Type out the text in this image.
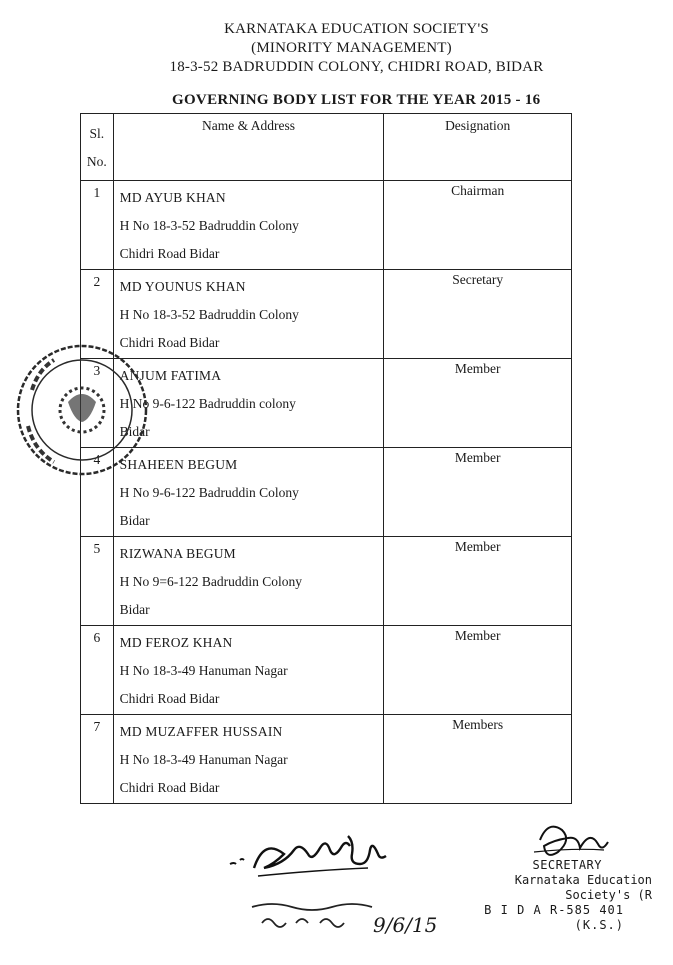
KARNATAKA EDUCATION SOCIETY'S
(MINORITY MANAGEMENT)
18-3-52 BADRUDDIN COLONY, CHIDRI ROAD, BIDAR
GOVERNING BODY LIST FOR THE YEAR 2015 - 16
Sl.
No.	Name & Address	Designation
1	MD AYUB KHAN
H No 18-3-52 Badruddin Colony
Chidri Road Bidar	Chairman
2	MD YOUNUS KHAN
H No 18-3-52 Badruddin Colony
Chidri Road Bidar	Secretary
3	ANJUM FATIMA
H No 9-6-122 Badruddin colony
Bidar	Member
4	SHAHEEN BEGUM
H No 9-6-122 Badruddin Colony
Bidar	Member
5	RIZWANA BEGUM
H No 9=6-122 Badruddin Colony
Bidar	Member
6	MD FEROZ KHAN
H No 18-3-49 Hanuman Nagar
Chidri Road Bidar	Member
7	MD MUZAFFER HUSSAIN
H No 18-3-49 Hanuman Nagar
Chidri Road Bidar	Members
9/6/15
SECRETARY
Karnataka Education Society's (R
B I D A R-585 401 (K.S.)
